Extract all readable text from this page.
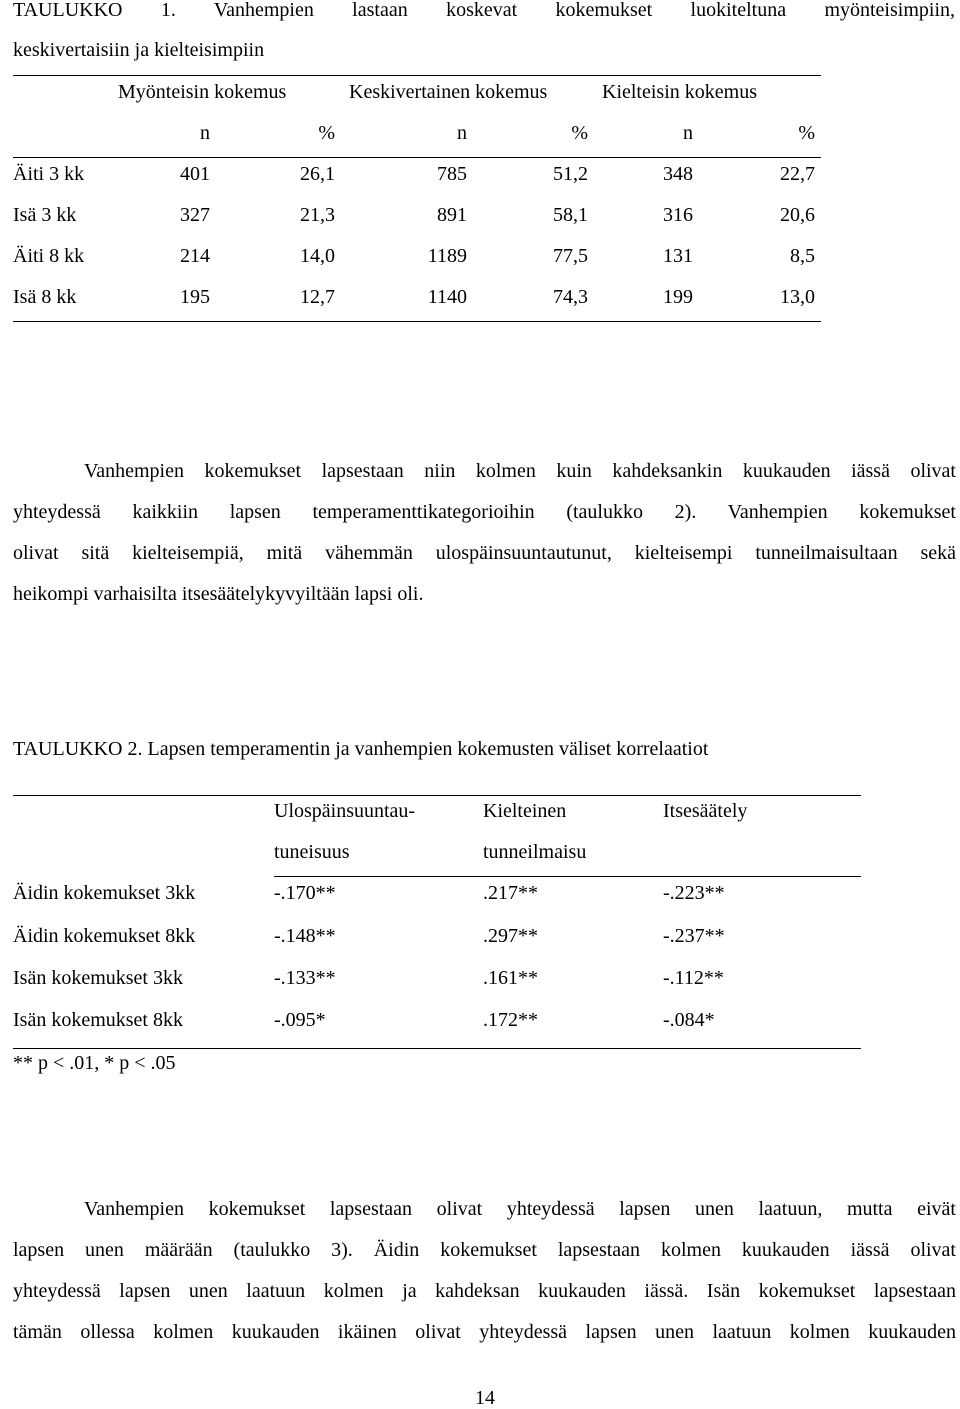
TAULUKKO 1. Vanhempien lastaan koskevat kokemukset luokiteltuna myönteisimpiin,
keskivertaisiin ja kielteisimpiin
Myönteisin kokemus	Keskivertainen kokemus	Kielteisin kokemus
n	%	n	%	n	%
Äiti 3 kk	401	26,1	785	51,2	348	22,7
Isä 3 kk	327	21,3	891	58,1	316	20,6
Äiti 8 kk	214	14,0	1189	77,5	131	8,5
Isä 8 kk	195	12,7	1140	74,3	199	13,0
Vanhempien kokemukset lapsestaan niin kolmen kuin kahdeksankin kuukauden iässä olivat
yhteydessä kaikkiin lapsen temperamenttikategorioihin (taulukko 2). Vanhempien kokemukset
olivat sitä kielteisempiä, mitä vähemmän ulospäinsuuntautunut, kielteisempi tunneilmaisultaan sekä
heikompi varhaisilta itsesäätelykyvyiltään lapsi oli.
TAULUKKO 2. Lapsen temperamentin ja vanhempien kokemusten väliset korrelaatiot
Ulospäinsuuntau-	Kielteinen	Itsesäätely
tuneisuus	tunneilmaisu
Äidin kokemukset 3kk	-.170**	.217**	-.223**
Äidin kokemukset 8kk	-.148**	.297**	-.237**
Isän kokemukset 3kk	-.133**	.161**	-.112**
Isän kokemukset 8kk	-.095*	.172**	-.084*
** p < .01, * p < .05
Vanhempien kokemukset lapsestaan olivat yhteydessä lapsen unen laatuun, mutta eivät
lapsen unen määrään (taulukko 3). Äidin kokemukset lapsestaan kolmen kuukauden iässä olivat
yhteydessä lapsen unen laatuun kolmen ja kahdeksan kuukauden iässä. Isän kokemukset lapsestaan
tämän ollessa kolmen kuukauden ikäinen olivat yhteydessä lapsen unen laatuun kolmen kuukauden
14
